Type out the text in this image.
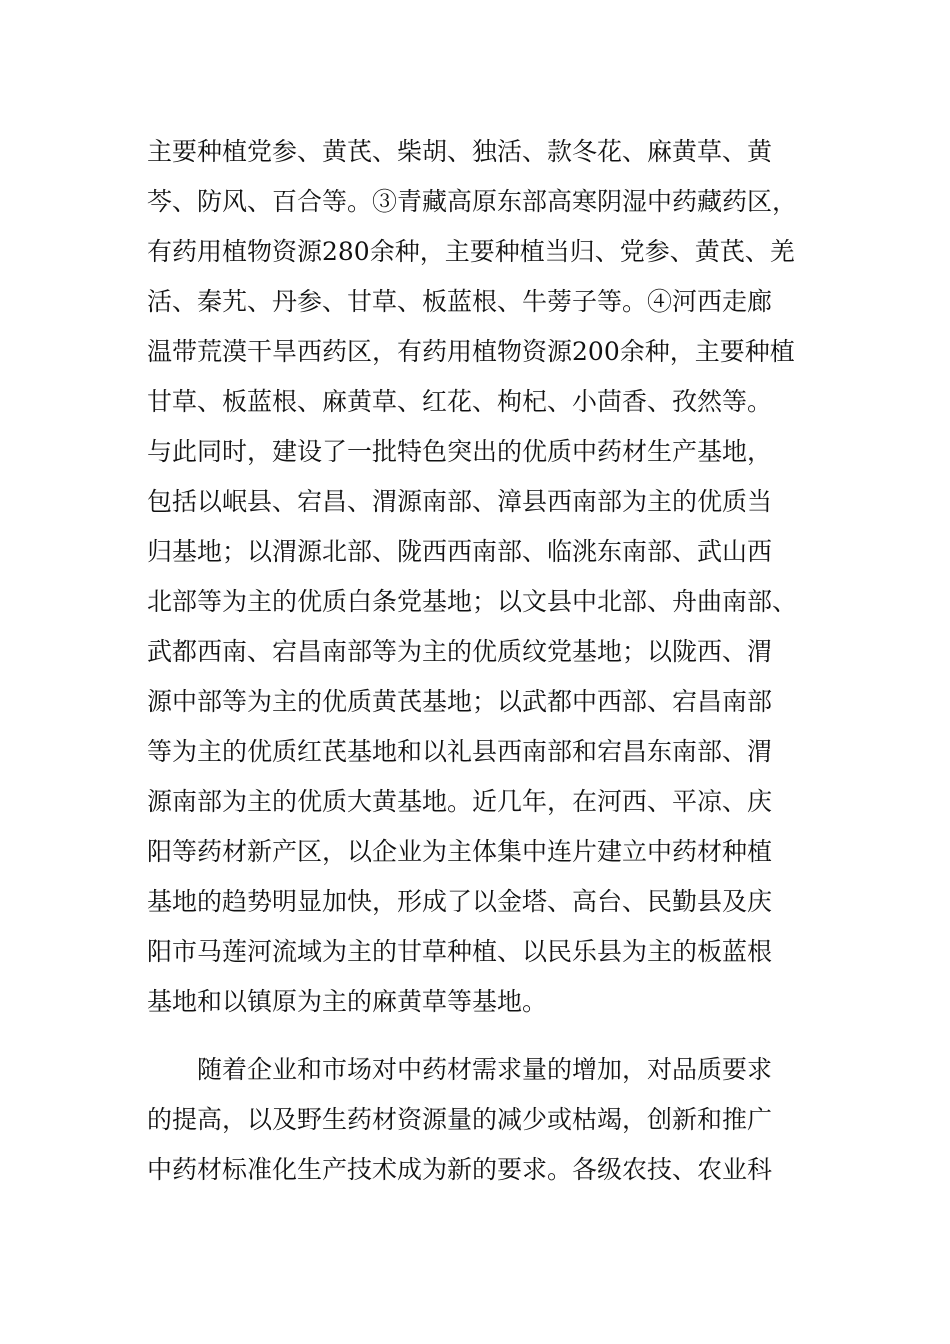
主要种植党参、黄芪、柴胡、独活、款冬花、麻黄草、黄
芩、防风、百合等。③青藏高原东部高寒阴湿中药藏药区，
有药用植物资源280余种，主要种植当归、党参、黄芪、羌
活、秦艽、丹参、甘草、板蓝根、牛蒡子等。④河西走廊
温带荒漠干旱西药区，有药用植物资源200余种，主要种植
甘草、板蓝根、麻黄草、红花、枸杞、小茴香、孜然等。
与此同时，建设了一批特色突出的优质中药材生产基地，
包括以岷县、宕昌、渭源南部、漳县西南部为主的优质当
归基地；以渭源北部、陇西西南部、临洮东南部、武山西
北部等为主的优质白条党基地；以文县中北部、舟曲南部、
武都西南、宕昌南部等为主的优质纹党基地；以陇西、渭
源中部等为主的优质黄芪基地；以武都中西部、宕昌南部
等为主的优质红芪基地和以礼县西南部和宕昌东南部、渭
源南部为主的优质大黄基地。近几年，在河西、平凉、庆
阳等药材新产区，以企业为主体集中连片建立中药材种植
基地的趋势明显加快，形成了以金塔、高台、民勤县及庆
阳市马莲河流域为主的甘草种植、以民乐县为主的板蓝根
基地和以镇原为主的麻黄草等基地。
　　随着企业和市场对中药材需求量的增加，对品质要求
的提高，以及野生药材资源量的减少或枯竭，创新和推广
中药材标准化生产技术成为新的要求。各级农技、农业科
